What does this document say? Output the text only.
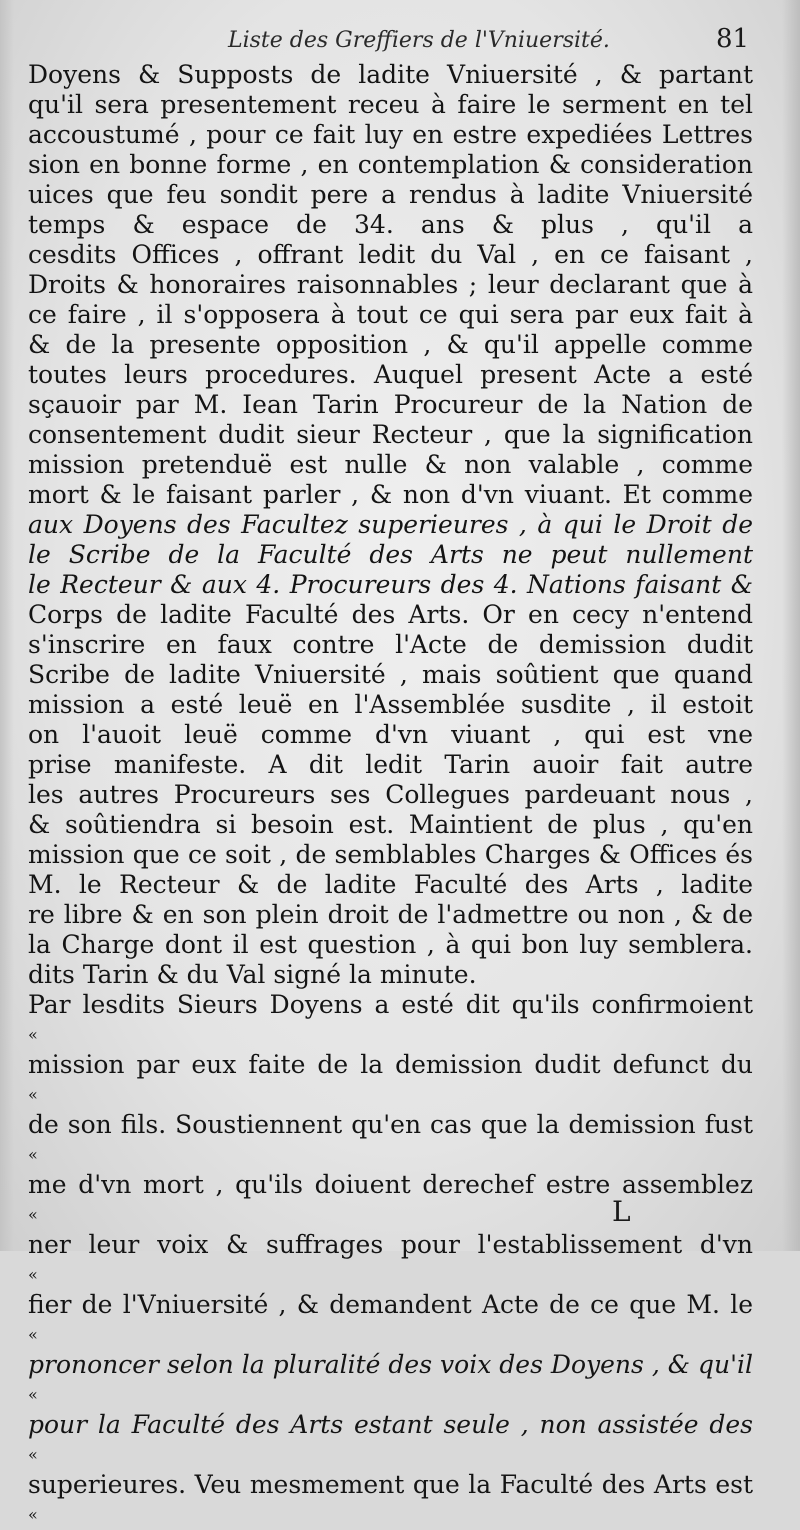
Liste des Greffiers de l'Vniuersité.	81
Doyens & Supposts de ladite Vniuersité , & partant
qu'il sera presentement receu à faire le serment en tel
accoustumé , pour ce fait luy en estre expediées Lettres
sion en bonne forme , en contemplation & consideration
uices que feu sondit pere a rendus à ladite Vniuersité
temps & espace de 34. ans & plus , qu'il a
cesdits Offices , offrant ledit du Val , en ce faisant ,
Droits & honoraires raisonnables ; leur declarant que à
ce faire , il s'opposera à tout ce qui sera par eux fait à
& de la presente opposition , & qu'il appelle comme
toutes leurs procedures. Auquel present Acte a esté
sçauoir par M. Iean Tarin Procureur de la Nation de
consentement dudit sieur Recteur , que la signification
mission pretenduë est nulle & non valable , comme
mort & le faisant parler , & non d'vn viuant. Et comme
aux Doyens des Facultez superieures , à qui le Droit de
le Scribe de la Faculté des Arts ne peut nullement
le Recteur & aux 4. Procureurs des 4. Nations faisant &
Corps de ladite Faculté des Arts. Or en cecy n'entend
s'inscrire en faux contre l'Acte de demission dudit
Scribe de ladite Vniuersité , mais soûtient que quand
mission a esté leuë en l'Assemblée susdite , il estoit
on l'auoit leuë comme d'vn viuant , qui est vne
prise manifeste. A dit ledit Tarin auoir fait autre
les autres Procureurs ses Collegues pardeuant nous ,
& soûtiendra si besoin est. Maintient de plus , qu'en
mission que ce soit , de semblables Charges & Offices és
M. le Recteur & de ladite Faculté des Arts , ladite
re libre & en son plein droit de l'admettre ou non , & de
la Charge dont il est question , à qui bon luy semblera.
dits Tarin & du Val signé la minute.
Par lesdits Sieurs Doyens a esté dit qu'ils confirmoient
«
mission par eux faite de la demission dudit defunct du
«
de son fils. Soustiennent qu'en cas que la demission fust
«
me d'vn mort , qu'ils doiuent derechef estre assemblez
«
ner leur voix & suffrages pour l'establissement d'vn
«
fier de l'Vniuersité , & demandent Acte de ce que M. le
«
prononcer selon la pluralité des voix des Doyens , & qu'il
«
pour la Faculté des Arts estant seule , non assistée des
«
superieures. Veu mesmement que la Faculté des Arts est
«
L
